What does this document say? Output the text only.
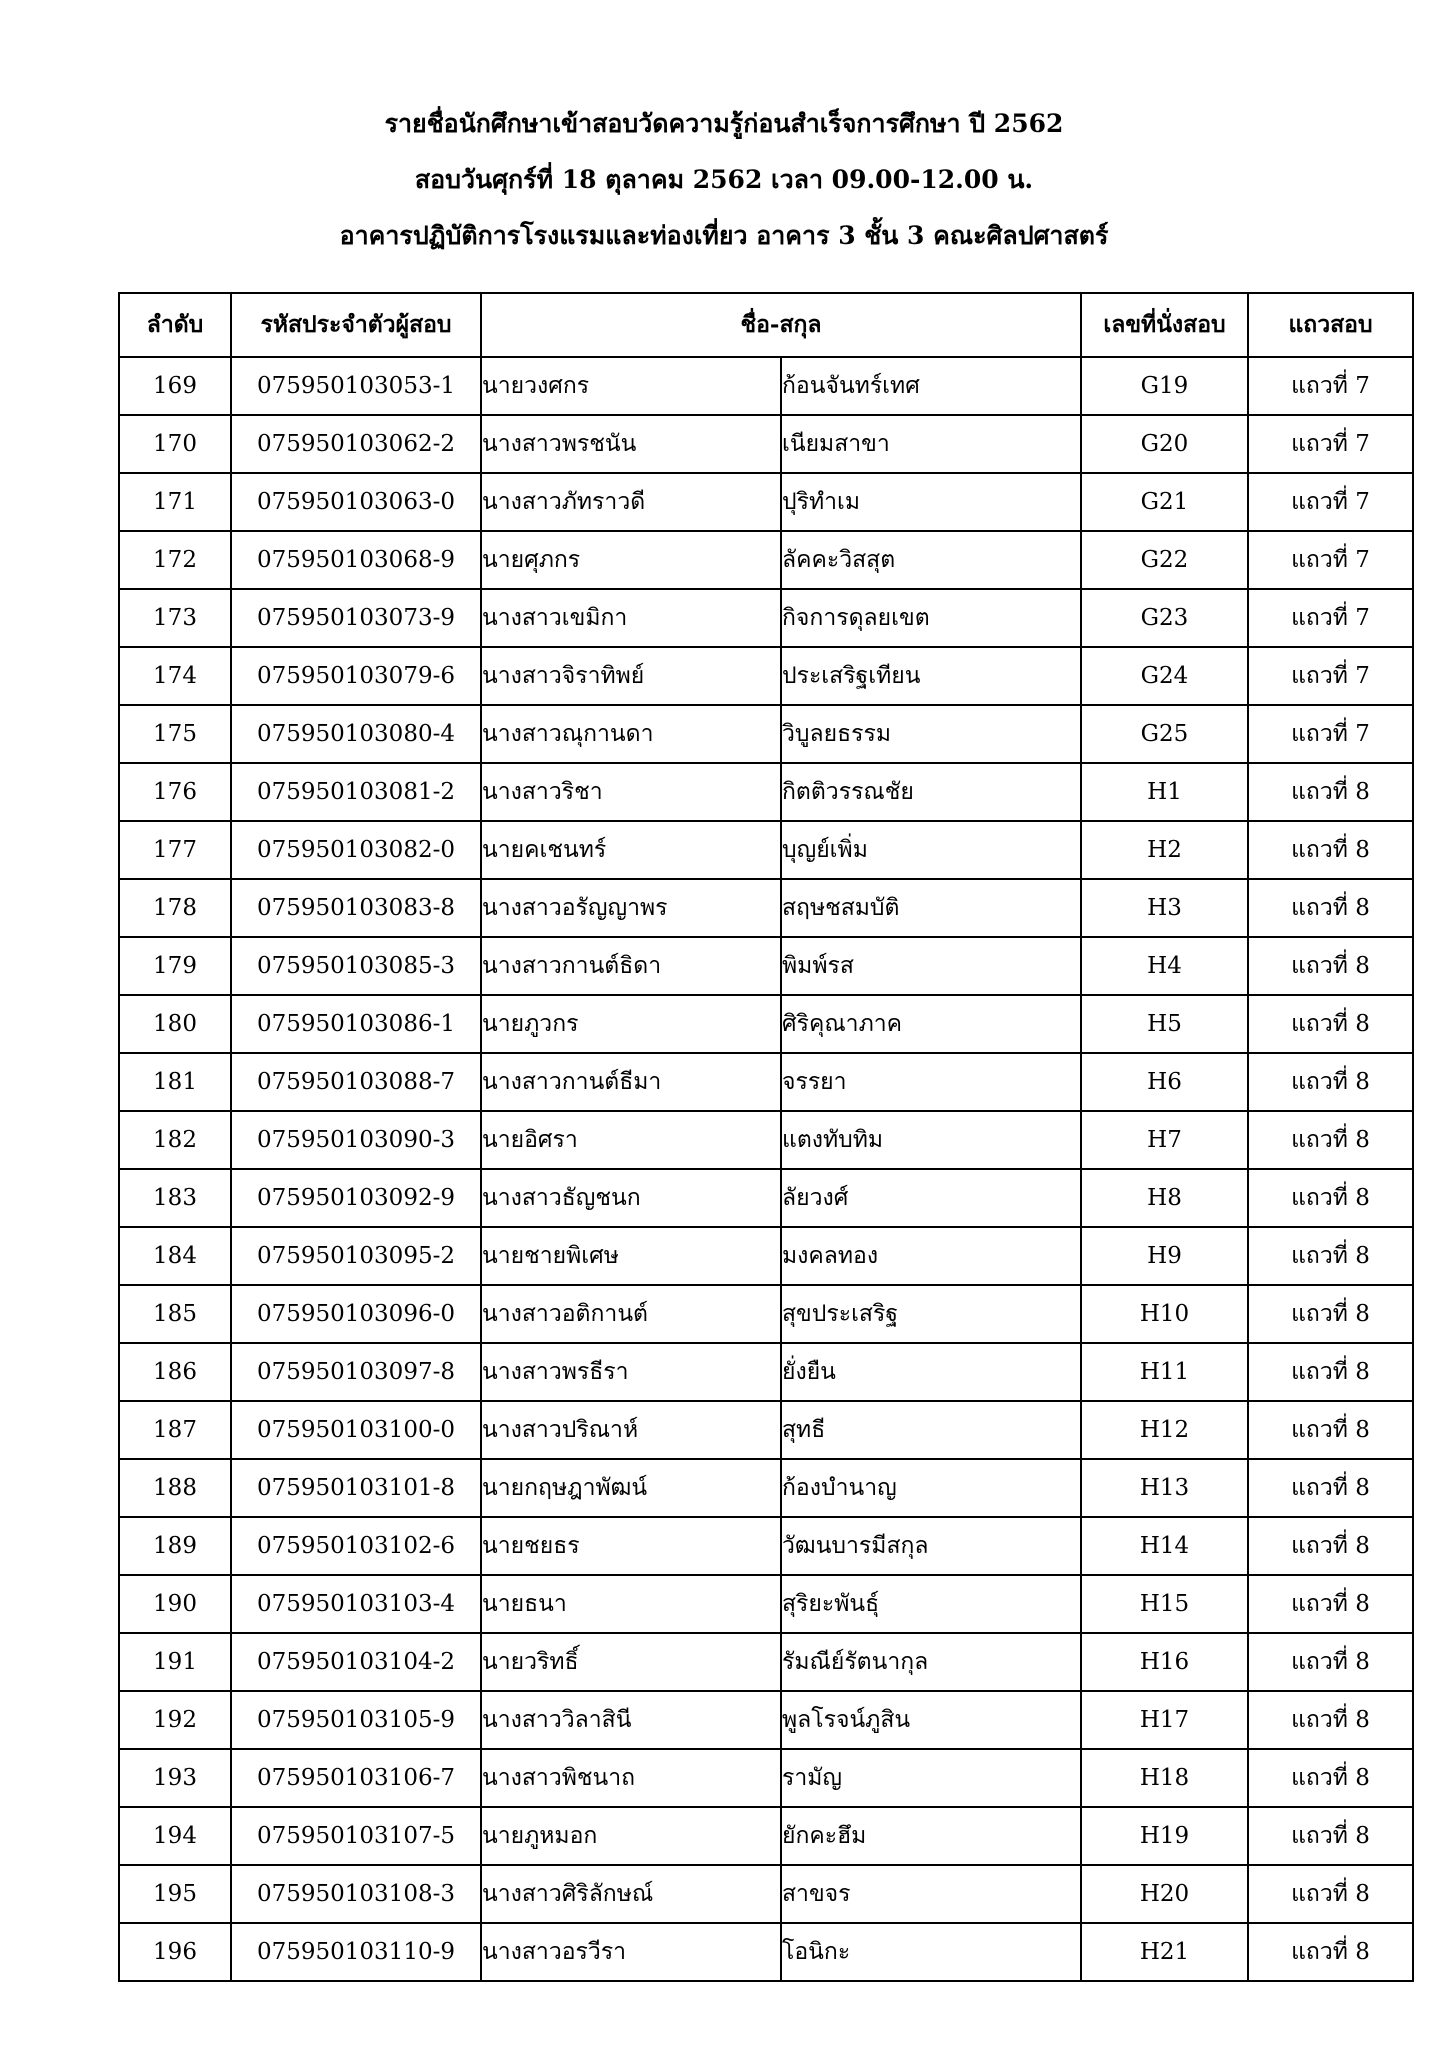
รายชื่อนักศึกษาเข้าสอบวัดความรู้ก่อนสำเร็จการศึกษา ปี 2562
สอบวันศุกร์ที่ 18 ตุลาคม 2562 เวลา 09.00-12.00 น.
อาคารปฏิบัติการโรงแรมและท่องเที่ยว อาคาร 3 ชั้น 3 คณะศิลปศาสตร์
ลำดับ	รหัสประจำตัวผู้สอบ	ชื่อ-สกุล		เลขที่นั่งสอบ	แถวสอบ
169	075950103053-1	นายวงศกร	ก้อนจันทร์เทศ	G19	แถวที่ 7
170	075950103062-2	นางสาวพรชนัน	เนียมสาขา	G20	แถวที่ 7
171	075950103063-0	นางสาวภัทราวดี	ปุริทำเม	G21	แถวที่ 7
172	075950103068-9	นายศุภกร	ลัคคะวิสสุต	G22	แถวที่ 7
173	075950103073-9	นางสาวเขมิกา	กิจการดุลยเขต	G23	แถวที่ 7
174	075950103079-6	นางสาวจิราทิพย์	ประเสริฐเทียน	G24	แถวที่ 7
175	075950103080-4	นางสาวณุกานดา	วิบูลยธรรม	G25	แถวที่ 7
176	075950103081-2	นางสาวริชา	กิตติวรรณชัย	H1	แถวที่ 8
177	075950103082-0	นายคเชนทร์	บุญย์เพิ่ม	H2	แถวที่ 8
178	075950103083-8	นางสาวอรัญญาพร	สฤษชสมบัติ	H3	แถวที่ 8
179	075950103085-3	นางสาวกานต์ธิดา	พิมพ์รส	H4	แถวที่ 8
180	075950103086-1	นายภูวกร	ศิริคุณาภาค	H5	แถวที่ 8
181	075950103088-7	นางสาวกานต์ธีมา	จรรยา	H6	แถวที่ 8
182	075950103090-3	นายอิศรา	แตงทับทิม	H7	แถวที่ 8
183	075950103092-9	นางสาวธัญชนก	ลัยวงศ์	H8	แถวที่ 8
184	075950103095-2	นายชายพิเศษ	มงคลทอง	H9	แถวที่ 8
185	075950103096-0	นางสาวอติกานต์	สุขประเสริฐ	H10	แถวที่ 8
186	075950103097-8	นางสาวพรธีรา	ยั่งยืน	H11	แถวที่ 8
187	075950103100-0	นางสาวปริณาห์	สุทธี	H12	แถวที่ 8
188	075950103101-8	นายกฤษฎาพัฒน์	ก้องบำนาญ	H13	แถวที่ 8
189	075950103102-6	นายชยธร	วัฒนบารมีสกุล	H14	แถวที่ 8
190	075950103103-4	นายธนา	สุริยะพันธุ์	H15	แถวที่ 8
191	075950103104-2	นายวริทธิ์	รัมณีย์รัตนากุล	H16	แถวที่ 8
192	075950103105-9	นางสาววิลาสินี	พูลโรจน์ภูสิน	H17	แถวที่ 8
193	075950103106-7	นางสาวพิชนาถ	รามัญ	H18	แถวที่ 8
194	075950103107-5	นายภูหมอก	ยักคะฮึม	H19	แถวที่ 8
195	075950103108-3	นางสาวศิริลักษณ์	สาขจร	H20	แถวที่ 8
196	075950103110-9	นางสาวอรวีรา	โอนิกะ	H21	แถวที่ 8
